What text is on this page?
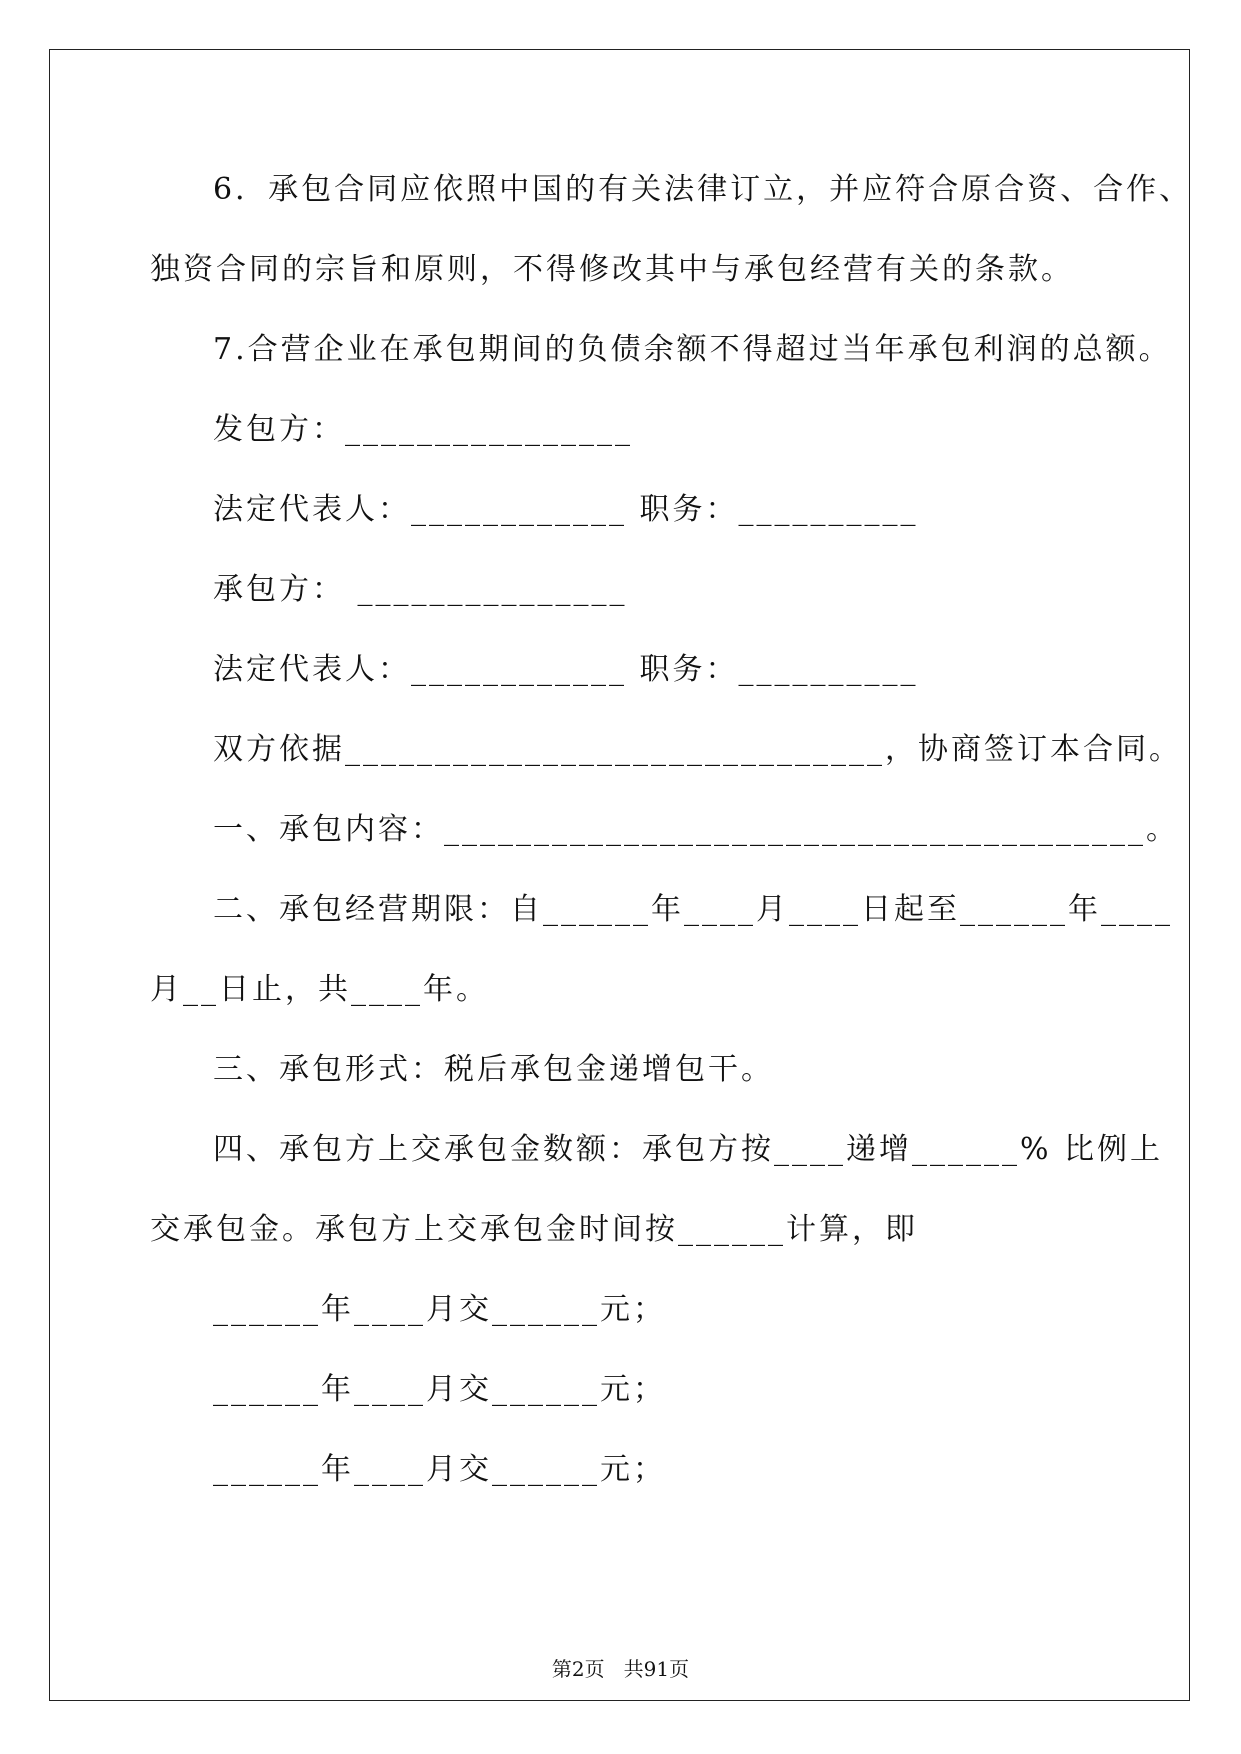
6．承包合同应依照中国的有关法律订立，并应符合原合资、合作、
独资合同的宗旨和原则，不得修改其中与承包经营有关的条款。
7.合营企业在承包期间的负债余额不得超过当年承包利润的总额。
发包方：________________
法定代表人：____________ 职务：__________
承包方： _______________
法定代表人：____________ 职务：__________
双方依据______________________________，协商签订本合同。
一、承包内容：_______________________________________。
二、承包经营期限：自______年____月____日起至______年____
月__日止，共____年。
三、承包形式：税后承包金递增包干。
四、承包方上交承包金数额：承包方按____递增______% 比例上
交承包金。承包方上交承包金时间按______计算，即
______年____月交______元；
______年____月交______元；
______年____月交______元；
第2页   共91页
